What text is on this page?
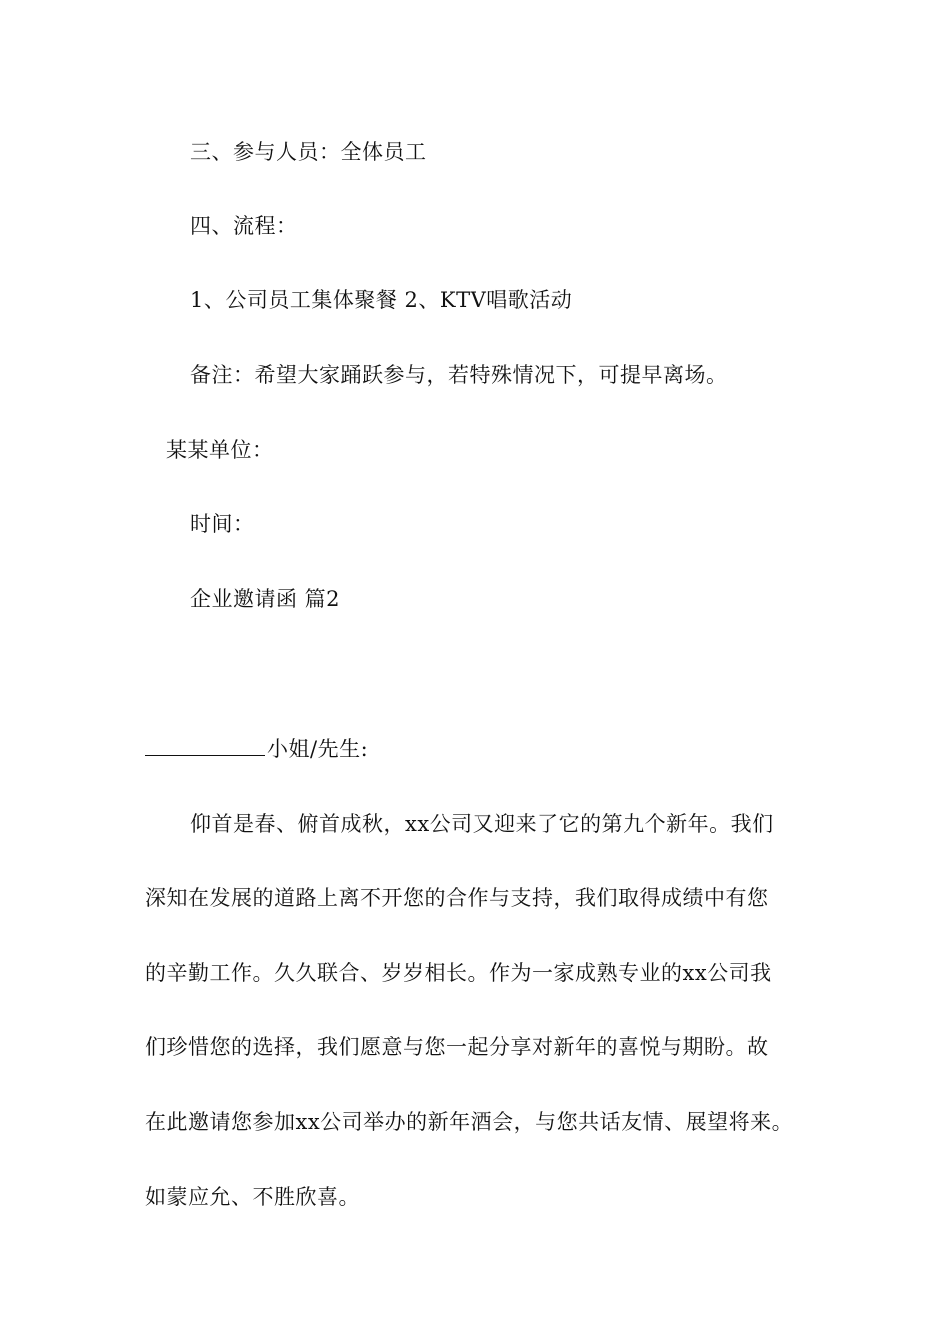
三、参与人员：全体员工
四、流程：
1、公司员工集体聚餐 2、KTV唱歌活动
备注：希望大家踊跃参与，若特殊情况下，可提早离场。
某某单位：
时间：
企业邀请函 篇2
小姐/先生:
仰首是春、俯首成秋，xx公司又迎来了它的第九个新年。我们
深知在发展的道路上离不开您的合作与支持，我们取得成绩中有您
的辛勤工作。久久联合、岁岁相长。作为一家成熟专业的xx公司我
们珍惜您的选择，我们愿意与您一起分享对新年的喜悦与期盼。故
在此邀请您参加xx公司举办的新年酒会，与您共话友情、展望将来。
如蒙应允、不胜欣喜。
